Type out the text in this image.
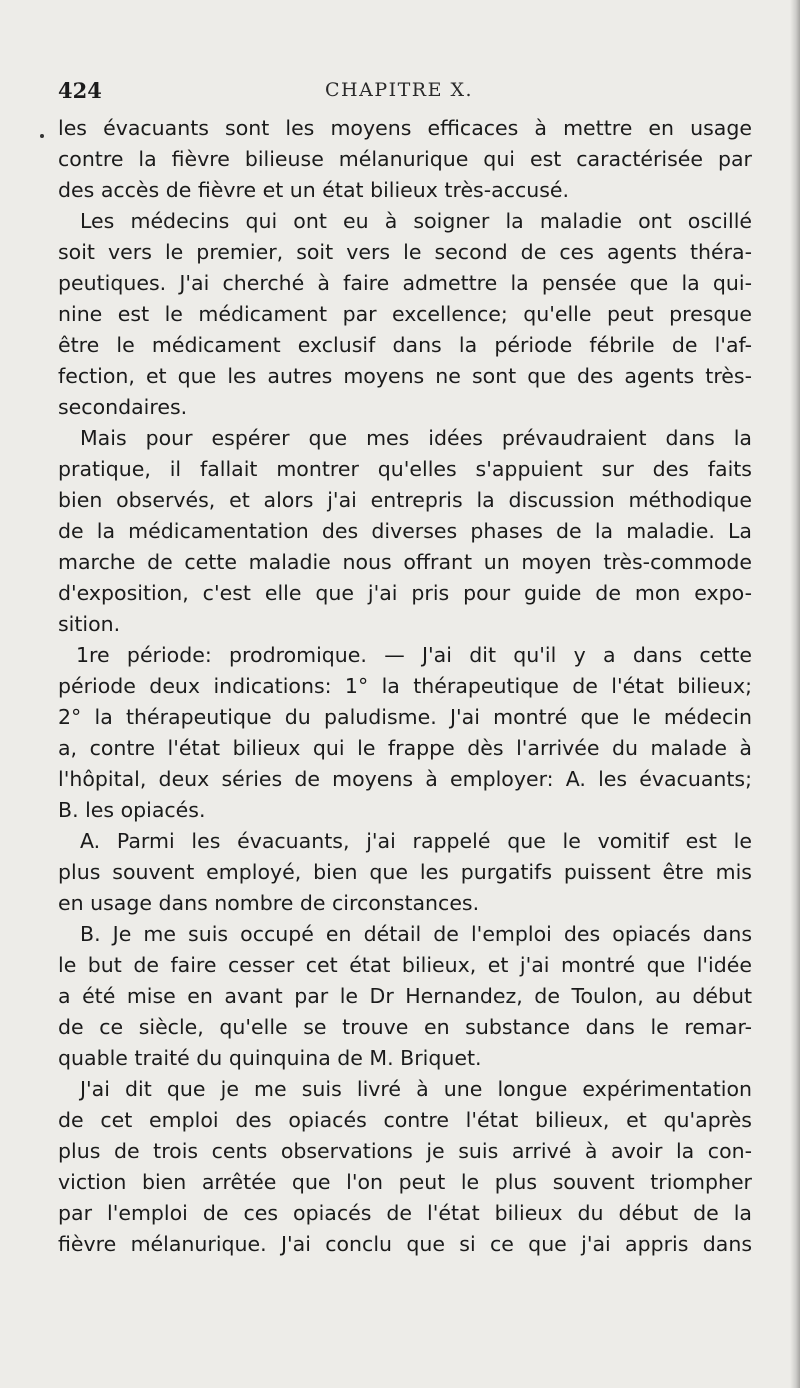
424	CHAPITRE X.
les évacuants sont les moyens efficaces à mettre en usage
contre la fièvre bilieuse mélanurique qui est caractérisée par
des accès de fièvre et un état bilieux très-accusé.
Les médecins qui ont eu à soigner la maladie ont oscillé
soit vers le premier, soit vers le second de ces agents théra-
peutiques. J'ai cherché à faire admettre la pensée que la qui-
nine est le médicament par excellence; qu'elle peut presque
être le médicament exclusif dans la période fébrile de l'af-
fection, et que les autres moyens ne sont que des agents très-
secondaires.
Mais pour espérer que mes idées prévaudraient dans la
pratique, il fallait montrer qu'elles s'appuient sur des faits
bien observés, et alors j'ai entrepris la discussion méthodique
de la médicamentation des diverses phases de la maladie. La
marche de cette maladie nous offrant un moyen très-commode
d'exposition, c'est elle que j'ai pris pour guide de mon expo-
sition.
1re période: prodromique. — J'ai dit qu'il y a dans cette
période deux indications: 1° la thérapeutique de l'état bilieux;
2° la thérapeutique du paludisme. J'ai montré que le médecin
a, contre l'état bilieux qui le frappe dès l'arrivée du malade à
l'hôpital, deux séries de moyens à employer: A. les évacuants;
B. les opiacés.
A. Parmi les évacuants, j'ai rappelé que le vomitif est le
plus souvent employé, bien que les purgatifs puissent être mis
en usage dans nombre de circonstances.
B. Je me suis occupé en détail de l'emploi des opiacés dans
le but de faire cesser cet état bilieux, et j'ai montré que l'idée
a été mise en avant par le Dr Hernandez, de Toulon, au début
de ce siècle, qu'elle se trouve en substance dans le remar-
quable traité du quinquina de M. Briquet.
J'ai dit que je me suis livré à une longue expérimentation
de cet emploi des opiacés contre l'état bilieux, et qu'après
plus de trois cents observations je suis arrivé à avoir la con-
viction bien arrêtée que l'on peut le plus souvent triompher
par l'emploi de ces opiacés de l'état bilieux du début de la
fièvre mélanurique. J'ai conclu que si ce que j'ai appris dans
